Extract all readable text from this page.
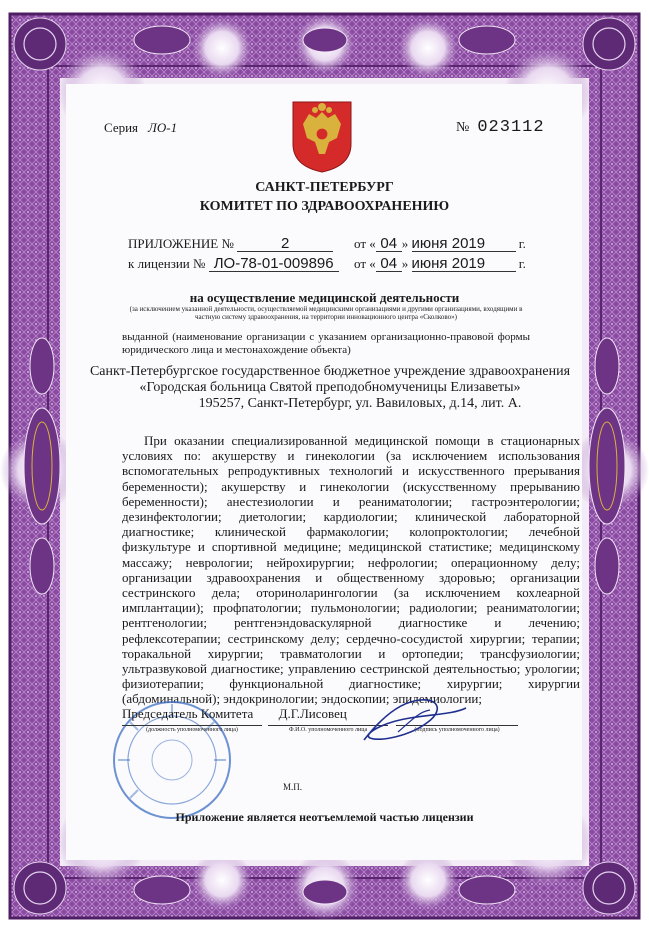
Серия ЛО-1	№ 023112
САНКТ-ПЕТЕРБУРГ
КОМИТЕТ ПО ЗДРАВООХРАНЕНИЮ
ПРИЛОЖЕНИЕ №	2	от « 04 » июня 2019	г.
к лицензии № ЛО-78-01-009896	от « 04 » июня 2019	г.
на осуществление медицинской деятельности
(за исключением указанной деятельности, осуществляемой медицинскими организациями и другими организациями, входящими в частную систему здравоохранения, на территории инновационного центра «Сколково»)
выданной (наименование организации с указанием организационно-правовой формы юридического лица и местонахождение объекта)
Санкт-Петербургское государственное бюджетное учреждение здравоохранения
«Городская больница Святой преподобномученицы Елизаветы»
195257, Санкт-Петербург, ул. Вавиловых, д.14, лит. А.
При оказании специализированной медицинской помощи в стационарных условиях по: акушерству и гинекологии (за исключением использования вспомогательных репродуктивных технологий и искусственного прерывания беременности); акушерству и гинекологии (искусственному прерыванию беременности); анестезиологии и реаниматологии; гастроэнтерологии; дезинфектологии; диетологии; кардиологии; клинической лабораторной диагностике; клинической фармакологии; колопроктологии; лечебной физкультуре и спортивной медицине; медицинской статистике; медицинскому массажу; неврологии; нейрохирургии; нефрологии; операционному делу; организации здравоохранения и общественному здоровью; организации сестринского дела; оториноларингологии (за исключением кохлеарной имплантации); профпатологии; пульмонологии; радиологии; реаниматологии; рентгенологии; рентгенэндоваскулярной диагностике и лечению; рефлексотерапии; сестринскому делу; сердечно-сосудистой хирургии; терапии; торакальной хирургии; травматологии и ортопедии; трансфузиологии; ультразвуковой диагностике; управлению сестринской деятельностью; урологии; физиотерапии; функциональной диагностике; хирургии; хирургии (абдоминальной); эндокринологии; эндоскопии; эпидемиологии;
Председатель Комитета Д.Г.Лисовец
(должность уполномоченного лица)	Ф.И.О. уполномоченного лица	(подпись уполномоченного лица)
М.П.
Приложение является неотъемлемой частью лицензии
